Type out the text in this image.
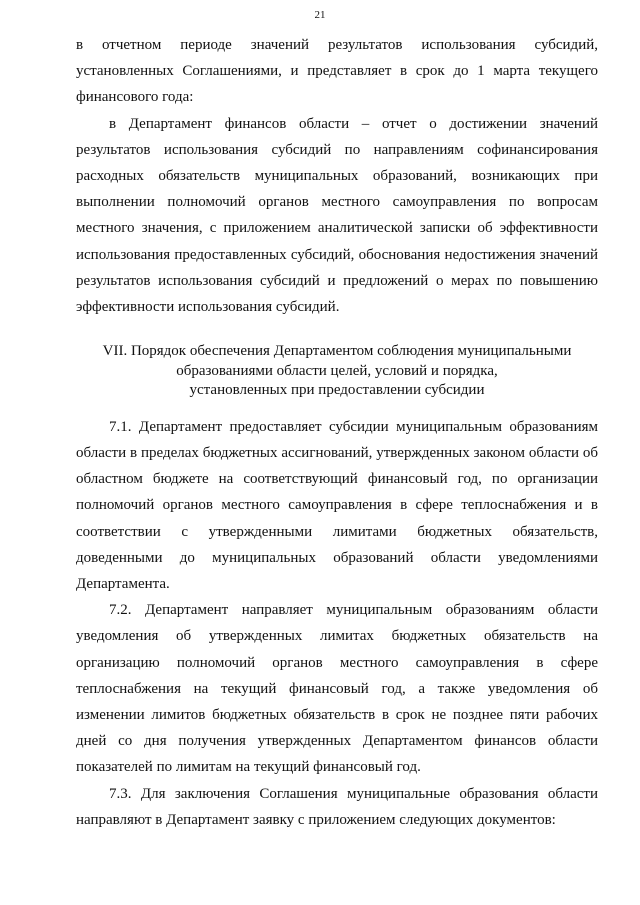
21

в отчетном периоде значений результатов использования субсидий, установленных Соглашениями, и представляет в срок до 1 марта текущего финансового года:

в Департамент финансов области – отчет о достижении значений результатов использования субсидий по направлениям софинансирования расходных обязательств муниципальных образований, возникающих при выполнении полномочий органов местного самоуправления по вопросам местного значения, с приложением аналитической записки об эффективности использования предоставленных субсидий, обоснования недостижения значений результатов использования субсидий и предложений о мерах по повышению эффективности использования субсидий.

VII. Порядок обеспечения Департаментом соблюдения муниципальными
образованиями области целей, условий и порядка,
установленных при предоставлении субсидии

7.1. Департамент предоставляет субсидии муниципальным образованиям области в пределах бюджетных ассигнований, утвержденных законом области об областном бюджете на соответствующий финансовый год, по организации полномочий органов местного самоуправления в сфере теплоснабжения и в соответствии с утвержденными лимитами бюджетных обязательств, доведенными до муниципальных образований области уведомлениями Департамента.

7.2. Департамент направляет муниципальным образованиям области уведомления об утвержденных лимитах бюджетных обязательств на организацию полномочий органов местного самоуправления в сфере теплоснабжения на текущий финансовый год, а также уведомления об изменении лимитов бюджетных обязательств в срок не позднее пяти рабочих дней со дня получения утвержденных Департаментом финансов области показателей по лимитам на текущий финансовый год.

7.3. Для заключения Соглашения муниципальные образования области направляют в Департамент заявку с приложением следующих документов:
